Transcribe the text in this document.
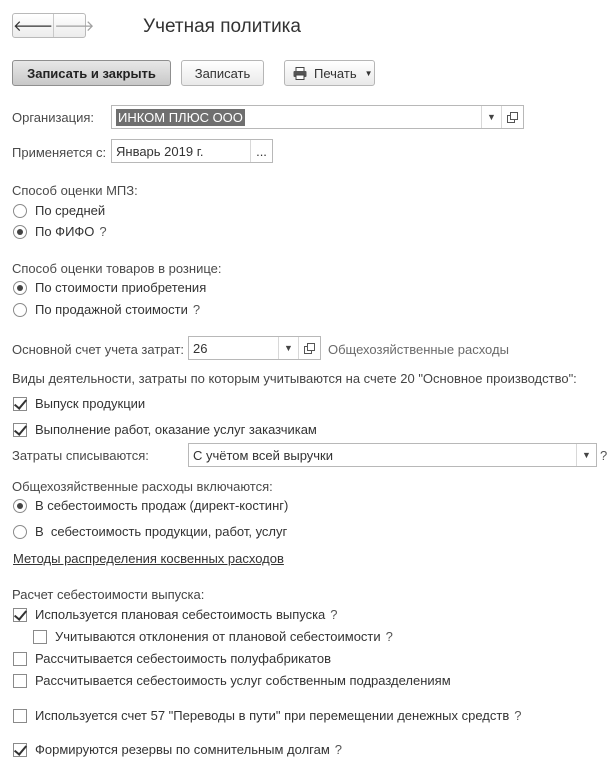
🡐 🡒	Учетная политика
Записать и закрыть	Записать	Печать ▼
Организация: ИНКОМ ПЛЮС ООО	▼
Применяется с: Январь 2019 г.	...
Способ оценки МПЗ:
По средней
По ФИФО ?
Способ оценки товаров в рознице:
По стоимости приобретения
По продажной стоимости ?
Основной счет учета затрат: 26	▼	Общехозяйственные расходы
Виды деятельности, затраты по которым учитываются на счете 20 "Основное производство":
Выпуск продукции
Выполнение работ, оказание услуг заказчикам
Затраты списываются:	С учётом всей выручки	▼ ?
Общехозяйственные расходы включаются:
В себестоимость продаж (директ-костинг)
В  себестоимость продукции, работ, услуг
Методы распределения косвенных расходов
Расчет себестоимости выпуска:
Используется плановая себестоимость выпуска ?
Учитываются отклонения от плановой себестоимости ?
Рассчитывается себестоимость полуфабрикатов
Рассчитывается себестоимость услуг собственным подразделениям
Используется счет 57 "Переводы в пути" при перемещении денежных средств ?
Формируются резервы по сомнительным долгам ?
